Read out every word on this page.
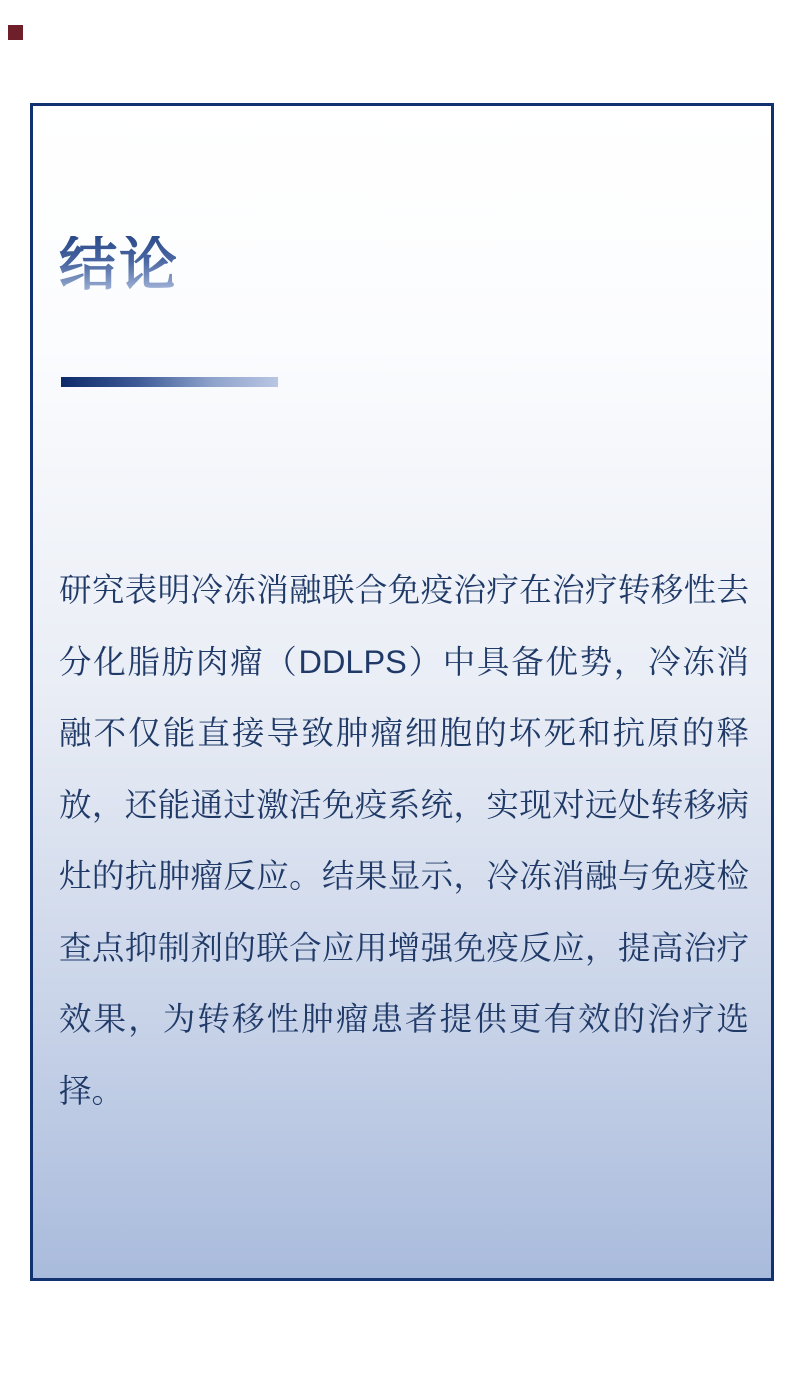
结论

研究表明冷冻消融联合免疫治疗在治疗转移性去分化脂肪肉瘤（DDLPS）中具备优势，冷冻消融不仅能直接导致肿瘤细胞的坏死和抗原的释放，还能通过激活免疫系统，实现对远处转移病灶的抗肿瘤反应。结果显示，冷冻消融与免疫检查点抑制剂的联合应用增强免疫反应，提高治疗效果，为转移性肿瘤患者提供更有效的治疗选择。
